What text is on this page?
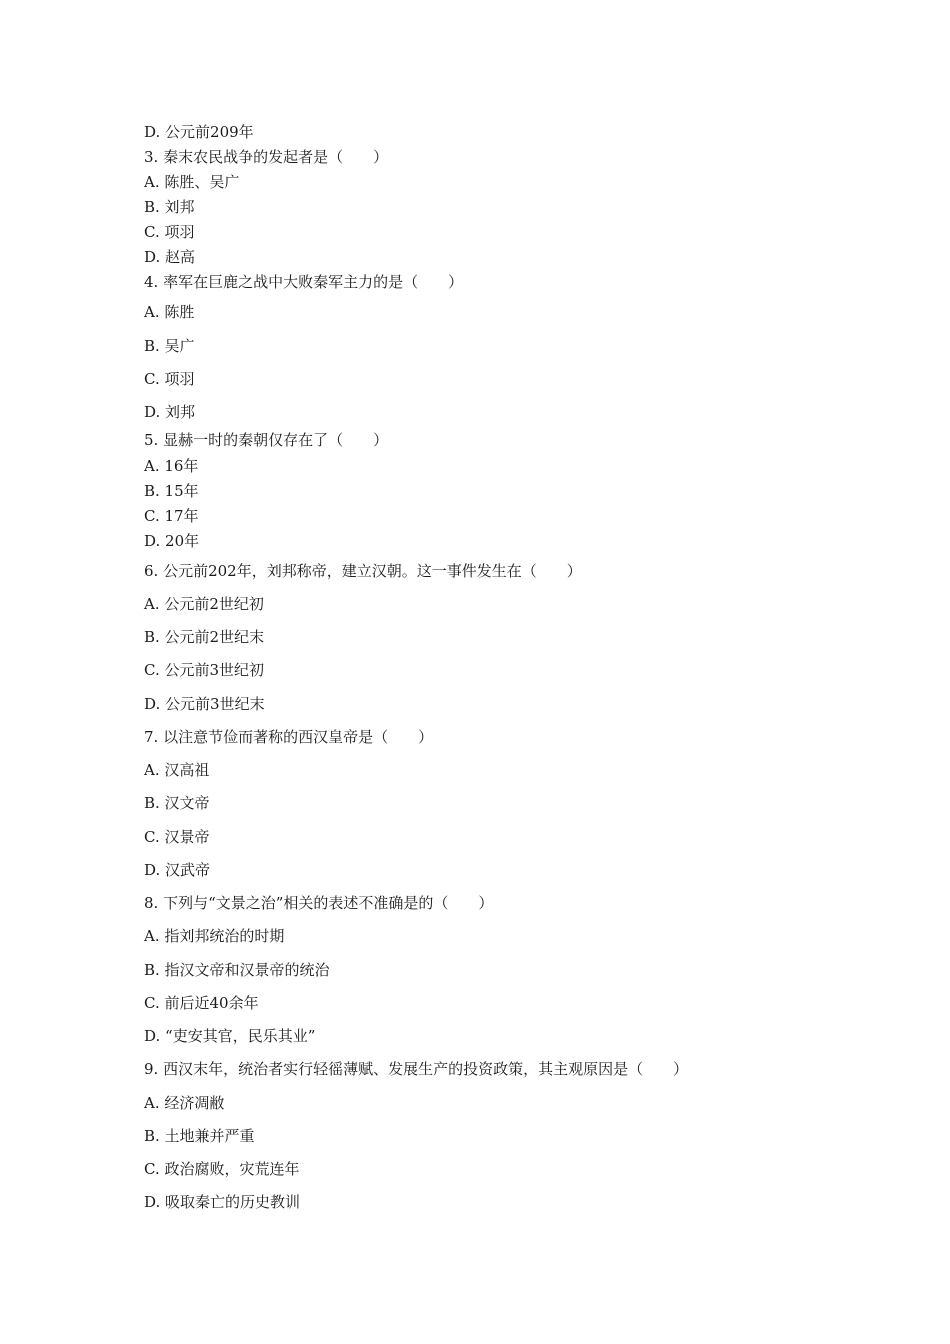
D. 公元前209年
3. 秦末农民战争的发起者是（　　）
A. 陈胜、吴广
B. 刘邦
C. 项羽
D. 赵高
4. 率军在巨鹿之战中大败秦军主力的是（　　）
A. 陈胜
B. 吴广
C. 项羽
D. 刘邦
5. 显赫一时的秦朝仅存在了（　　）
A. 16年
B. 15年
C. 17年
D. 20年
6. 公元前202年，刘邦称帝，建立汉朝。这一事件发生在（　　）
A. 公元前2世纪初
B. 公元前2世纪末
C. 公元前3世纪初
D. 公元前3世纪末
7. 以注意节俭而著称的西汉皇帝是（　　）
A. 汉高祖
B. 汉文帝
C. 汉景帝
D. 汉武帝
8. 下列与“文景之治”相关的表述不准确是的（　　）
A. 指刘邦统治的时期
B. 指汉文帝和汉景帝的统治
C. 前后近40余年
D. “吏安其官，民乐其业”
9. 西汉末年，统治者实行轻徭薄赋、发展生产的投资政策，其主观原因是（　　）
A. 经济凋敝
B. 土地兼并严重
C. 政治腐败，灾荒连年
D. 吸取秦亡的历史教训
